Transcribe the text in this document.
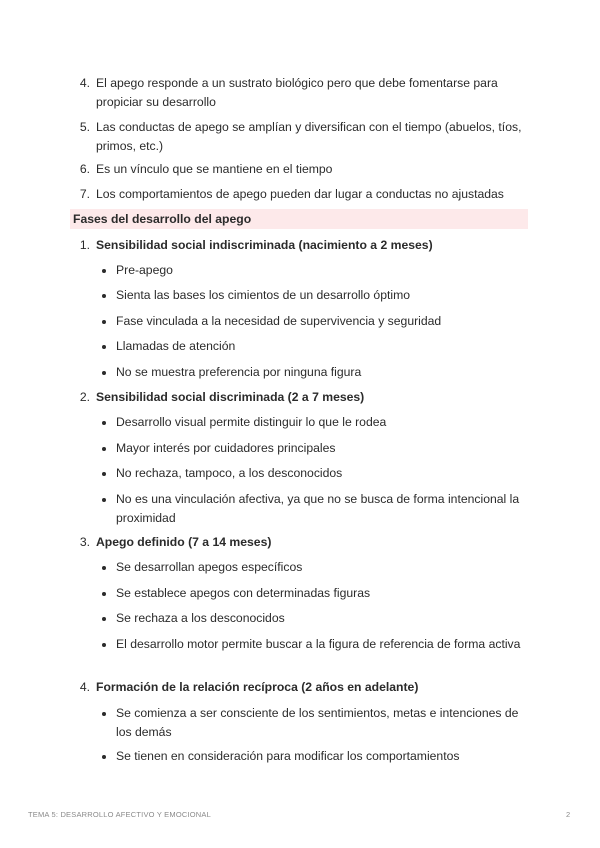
4. El apego responde a un sustrato biológico pero que debe fomentarse para propiciar su desarrollo
5. Las conductas de apego se amplían y diversifican con el tiempo (abuelos, tíos, primos, etc.)
6. Es un vínculo que se mantiene en el tiempo
7. Los comportamientos de apego pueden dar lugar a conductas no ajustadas
Fases del desarrollo del apego
1. Sensibilidad social indiscriminada (nacimiento a 2 meses)
Pre-apego
Sienta las bases los cimientos de un desarrollo óptimo
Fase vinculada a la necesidad de supervivencia y seguridad
Llamadas de atención
No se muestra preferencia por ninguna figura
2. Sensibilidad social discriminada (2 a 7 meses)
Desarrollo visual permite distinguir lo que le rodea
Mayor interés por cuidadores principales
No rechaza, tampoco, a los desconocidos
No es una vinculación afectiva, ya que no se busca de forma intencional la proximidad
3. Apego definido (7 a 14 meses)
Se desarrollan apegos específicos
Se establece apegos con determinadas figuras
Se rechaza a los desconocidos
El desarrollo motor permite buscar a la figura de referencia de forma activa
4. Formación de la relación recíproca (2 años en adelante)
Se comienza a ser consciente de los sentimientos, metas e intenciones de los demás
Se tienen en consideración para modificar los comportamientos
TEMA 5: DESARROLLO AFECTIVO Y EMOCIONAL	2
